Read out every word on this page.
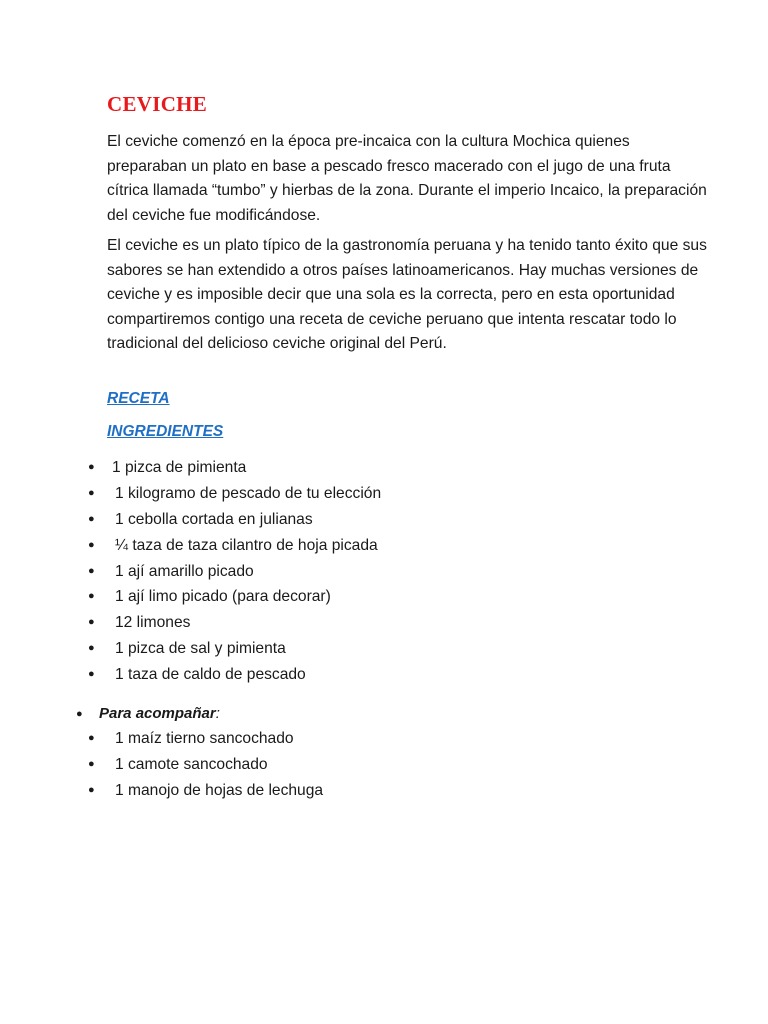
CEVICHE

El ceviche comenzó en la época pre-incaica con la cultura Mochica quienes preparaban un plato en base a pescado fresco macerado con el jugo de una fruta cítrica llamada “tumbo” y hierbas de la zona. Durante el imperio Incaico, la preparación del ceviche fue modificándose.

El ceviche es un plato típico de la gastronomía peruana y ha tenido tanto éxito que sus sabores se han extendido a otros países latinoamericanos. Hay muchas versiones de ceviche y es imposible decir que una sola es la correcta, pero en esta oportunidad compartiremos contigo una receta de ceviche peruano que intenta rescatar todo lo tradicional del delicioso ceviche original del Perú.

RECETA
INGREDIENTES
● 1 pizca de pimienta
● 1 kilogramo de pescado de tu elección
● 1 cebolla cortada en julianas
● ¼ taza de taza cilantro de hoja picada
● 1 ají amarillo picado
● 1 ají limo picado (para decorar)
● 12 limones
● 1 pizca de sal y pimienta
● 1 taza de caldo de pescado
● Para acompañar:
● 1 maíz tierno sancochado
● 1 camote sancochado
● 1 manojo de hojas de lechuga
